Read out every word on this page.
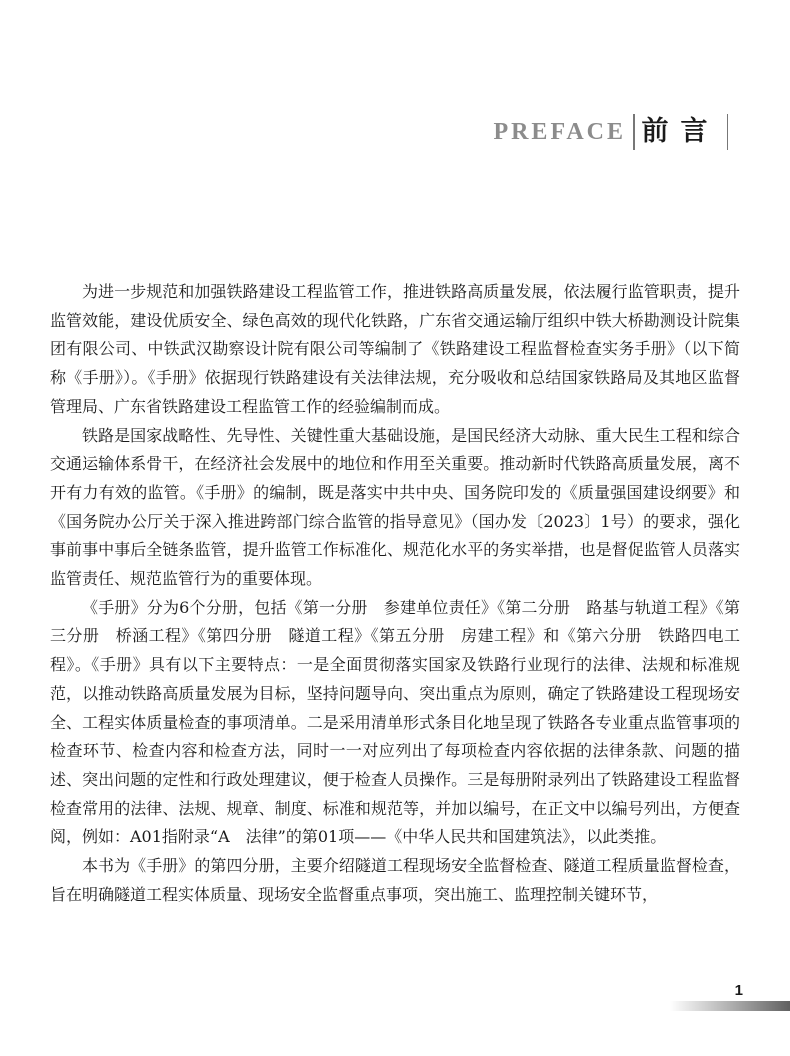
PREFACE 前言

为进一步规范和加强铁路建设工程监管工作，推进铁路高质量发展，依法履行监管职责，提升监管效能，建设优质安全、绿色高效的现代化铁路，广东省交通运输厅组织中铁大桥勘测设计院集团有限公司、中铁武汉勘察设计院有限公司等编制了《铁路建设工程监督检查实务手册》（以下简称《手册》）。《手册》依据现行铁路建设有关法律法规，充分吸收和总结国家铁路局及其地区监督管理局、广东省铁路建设工程监管工作的经验编制而成。

铁路是国家战略性、先导性、关键性重大基础设施，是国民经济大动脉、重大民生工程和综合交通运输体系骨干，在经济社会发展中的地位和作用至关重要。推动新时代铁路高质量发展，离不开有力有效的监管。《手册》的编制，既是落实中共中央、国务院印发的《质量强国建设纲要》和《国务院办公厅关于深入推进跨部门综合监管的指导意见》（国办发〔2023〕1号）的要求，强化事前事中事后全链条监管，提升监管工作标准化、规范化水平的务实举措，也是督促监管人员落实监管责任、规范监管行为的重要体现。

《手册》分为6个分册，包括《第一分册　参建单位责任》《第二分册　路基与轨道工程》《第三分册　桥涵工程》《第四分册　隧道工程》《第五分册　房建工程》和《第六分册　铁路四电工程》。《手册》具有以下主要特点：一是全面贯彻落实国家及铁路行业现行的法律、法规和标准规范，以推动铁路高质量发展为目标，坚持问题导向、突出重点为原则，确定了铁路建设工程现场安全、工程实体质量检查的事项清单。二是采用清单形式条目化地呈现了铁路各专业重点监管事项的检查环节、检查内容和检查方法，同时一一对应列出了每项检查内容依据的法律条款、问题的描述、突出问题的定性和行政处理建议，便于检查人员操作。三是每册附录列出了铁路建设工程监督检查常用的法律、法规、规章、制度、标准和规范等，并加以编号，在正文中以编号列出，方便查阅，例如：A01指附录“A　法律”的第01项——《中华人民共和国建筑法》，以此类推。

本书为《手册》的第四分册，主要介绍隧道工程现场安全监督检查、隧道工程质量监督检查，旨在明确隧道工程实体质量、现场安全监督重点事项，突出施工、监理控制关键环节，

1
